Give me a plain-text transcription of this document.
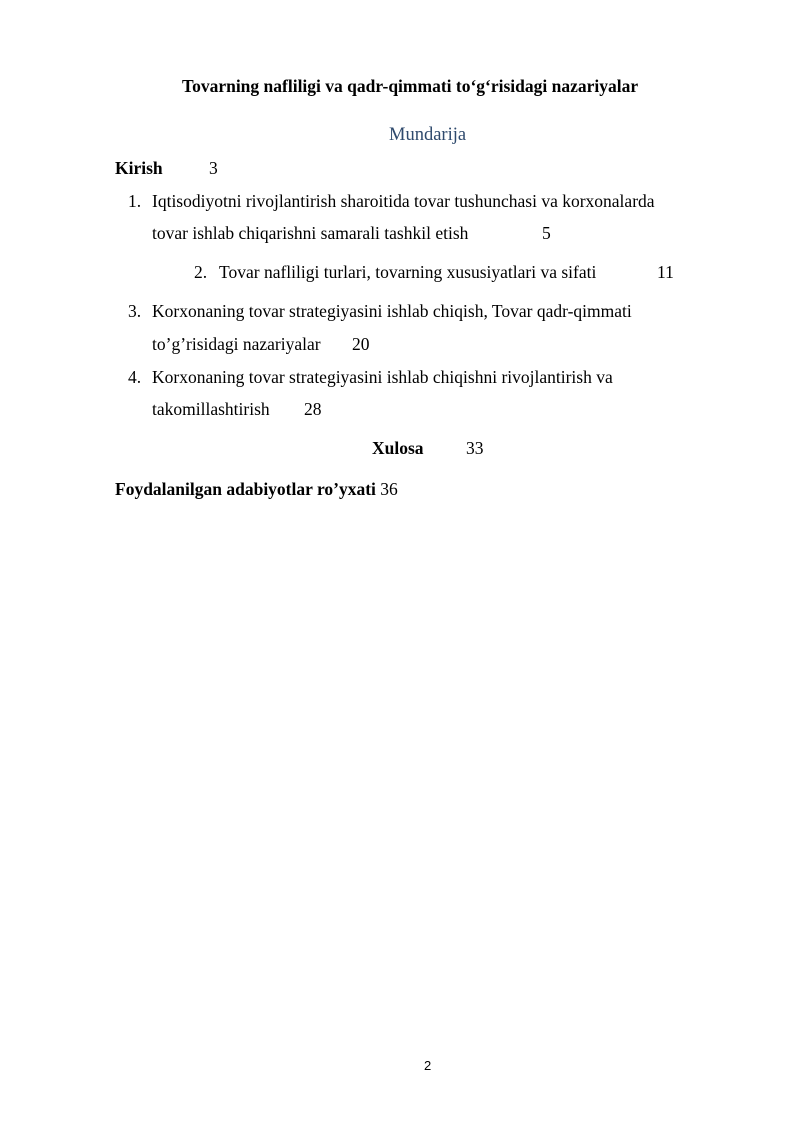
Tovarning nafliligi va qadr-qimmati to‘g‘risidagi nazariyalar
Mundarija
Kirish	3
1. Iqtisodiyotni rivojlantirish sharoitida tovar tushunchasi va korxonalarda
tovar ishlab chiqarishni samarali tashkil etish	5
2. Tovar nafliligi turlari, tovarning xususiyatlari va sifati	11
3. Korxonaning tovar strategiyasini ishlab chiqish, Tovar qadr-qimmati
to’g’risidagi nazariyalar 20
4. Korxonaning tovar strategiyasini ishlab chiqishni rivojlantirish va
takomillashtirish 28
Xulosa 33
Foydalanilgan adabiyotlar ro’yxati 36
2
